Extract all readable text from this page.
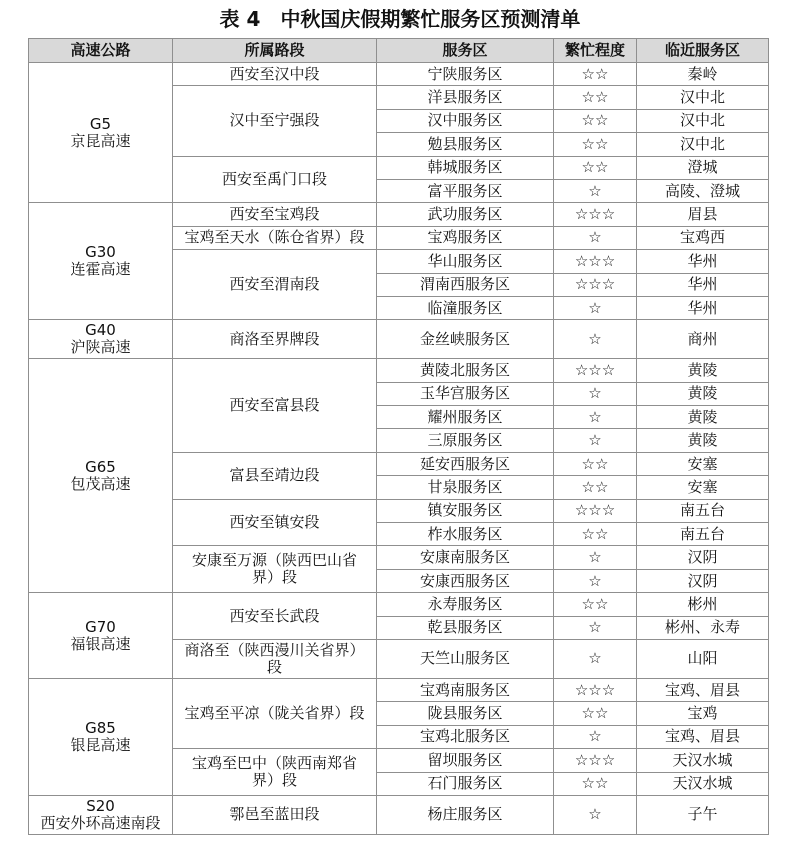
表 4 中秋国庆假期繁忙服务区预测清单
高速公路	所属路段	服务区	繁忙程度	临近服务区

G5
京昆高速	西安至汉中段	宁陕服务区	☆☆	秦岭
	汉中至宁强段	洋县服务区	☆☆	汉中北
		汉中服务区	☆☆	汉中北
		勉县服务区	☆☆	汉中北
	西安至禹门口段	韩城服务区	☆☆	澄城
		富平服务区	☆	高陵、澄城

G30
连霍高速	西安至宝鸡段	武功服务区	☆☆☆	眉县
	宝鸡至天水（陈仓省界）段	宝鸡服务区	☆	宝鸡西
	西安至渭南段	华山服务区	☆☆☆	华州
		渭南西服务区	☆☆☆	华州
		临潼服务区	☆	华州

G40
沪陕高速	商洛至界牌段	金丝峡服务区	☆	商州

G65
包茂高速	西安至富县段	黄陵北服务区	☆☆☆	黄陵
		玉华宫服务区	☆	黄陵
		耀州服务区	☆	黄陵
		三原服务区	☆	黄陵
	富县至靖边段	延安西服务区	☆☆	安塞
		甘泉服务区	☆☆	安塞
	西安至镇安段	镇安服务区	☆☆☆	南五台
		柞水服务区	☆☆	南五台
	安康至万源（陕西巴山省
界）段	安康南服务区	☆	汉阴
		安康西服务区	☆	汉阴

G70
福银高速	西安至长武段	永寿服务区	☆☆	彬州
		乾县服务区	☆	彬州、永寿
	商洛至（陕西漫川关省界）
段	天竺山服务区	☆	山阳

G85
银昆高速	宝鸡至平凉（陇关省界）段	宝鸡南服务区	☆☆☆	宝鸡、眉县
		陇县服务区	☆☆	宝鸡
		宝鸡北服务区	☆	宝鸡、眉县
	宝鸡至巴中（陕西南郑省
界）段	留坝服务区	☆☆☆	天汉水城
		石门服务区	☆☆	天汉水城

S20
西安外环高速南段	鄠邑至蓝田段	杨庄服务区	☆	子午
